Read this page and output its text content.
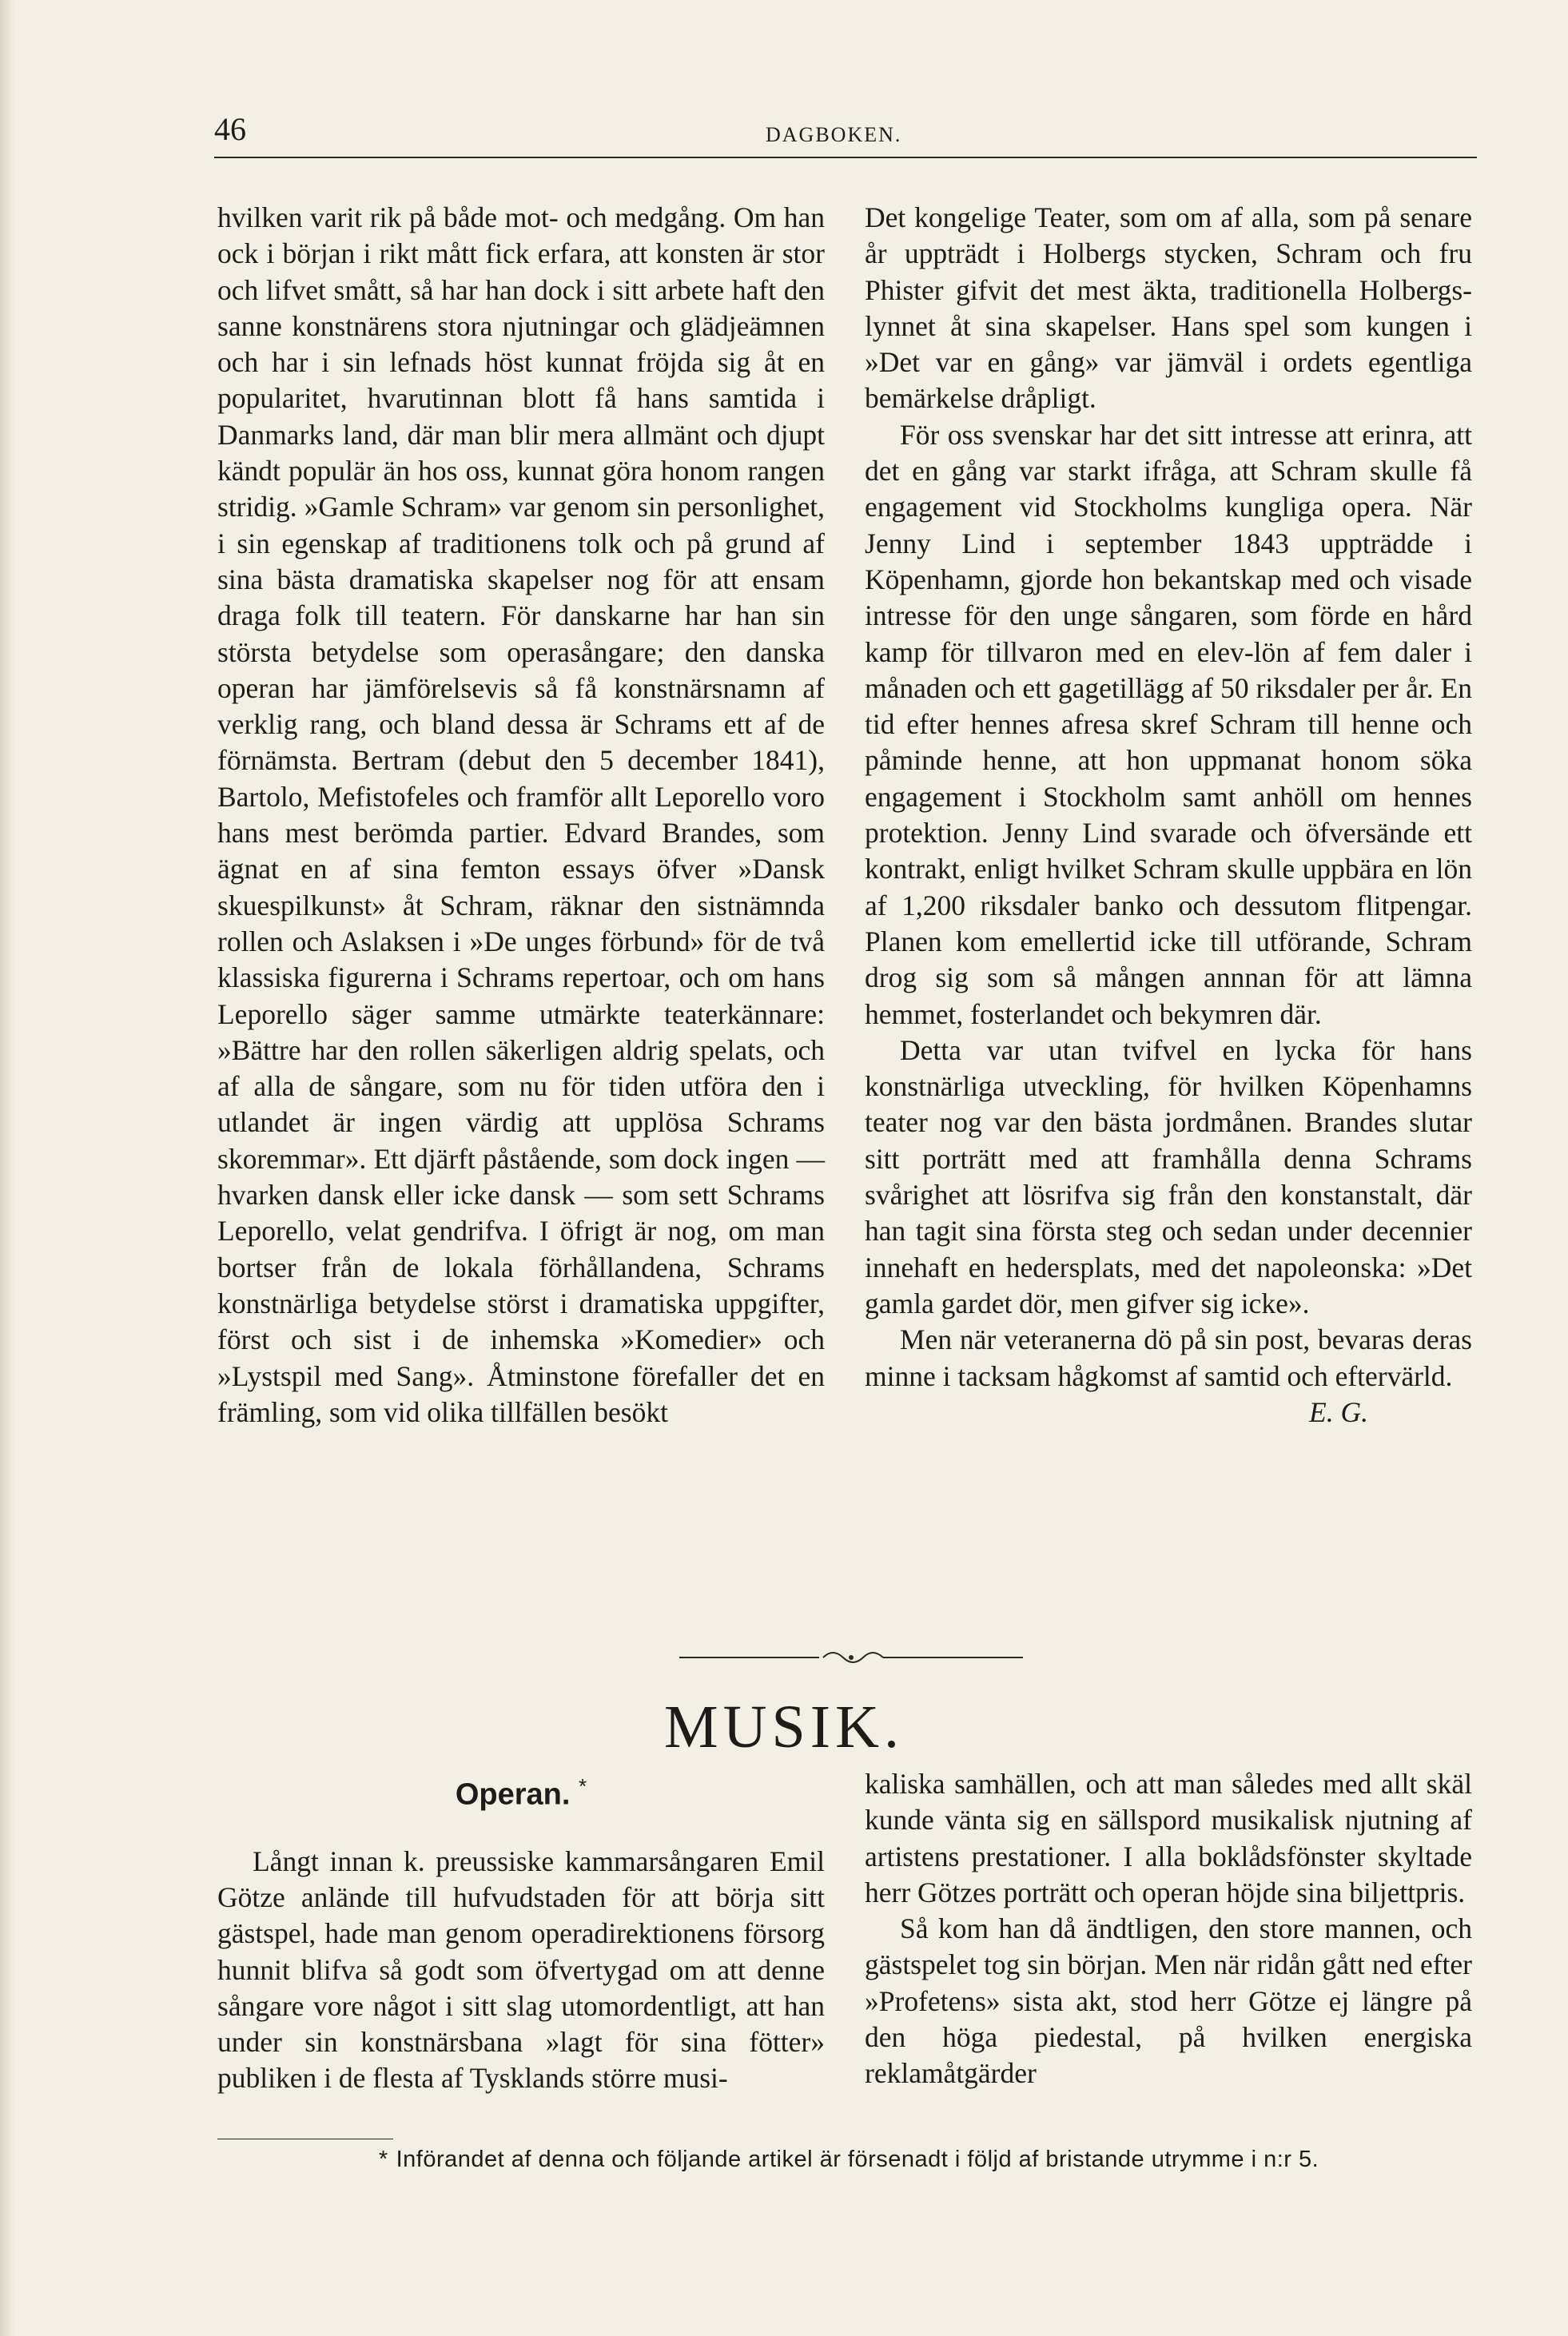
46	DAGBOKEN.

hvilken varit rik på både mot- och medgång. Om han ock i början i rikt mått fick erfara, att konsten är stor och lifvet smått, så har han dock i sitt arbete haft den sanne konstnärens stora njutningar och glädjeämnen och har i sin lefnads höst kunnat fröjda sig åt en popularitet, hvarutinnan blott få hans samtida i Danmarks land, där man blir mera allmänt och djupt kändt populär än hos oss, kunnat göra honom rangen stridig. »Gamle Schram» var genom sin personlighet, i sin egenskap af traditionens tolk och på grund af sina bästa dramatiska skapelser nog för att ensam draga folk till teatern. För danskarne har han sin största betydelse som operasångare; den danska operan har jämförelsevis så få konstnärsnamn af verklig rang, och bland dessa är Schrams ett af de förnämsta. Bertram (debut den 5 december 1841), Bartolo, Mefistofeles och framför allt Leporello voro hans mest berömda partier. Edvard Brandes, som ägnat en af sina femton essays öfver »Dansk skuespilkunst» åt Schram, räknar den sistnämnda rollen och Aslaksen i »De unges förbund» för de två klassiska figurerna i Schrams repertoar, och om hans Leporello säger samme utmärkte teaterkännare: »Bättre har den rollen säkerligen aldrig spelats, och af alla de sångare, som nu för tiden utföra den i utlandet är ingen värdig att upplösa Schrams skoremmar». Ett djärft påstående, som dock ingen — hvarken dansk eller icke dansk — som sett Schrams Leporello, velat gendrifva. I öfrigt är nog, om man bortser från de lokala förhållandena, Schrams konstnärliga betydelse störst i dramatiska uppgifter, först och sist i de inhemska »Komedier» och »Lystspil med Sang». Åtminstone förefaller det en främling, som vid olika tillfällen besökt

Det kongelige Teater, som om af alla, som på senare år uppträdt i Holbergs stycken, Schram och fru Phister gifvit det mest äkta, traditionella Holbergs-lynnet åt sina skapelser. Hans spel som kungen i »Det var en gång» var jämväl i ordets egentliga bemärkelse dråpligt.

För oss svenskar har det sitt intresse att erinra, att det en gång var starkt ifråga, att Schram skulle få engagement vid Stockholms kungliga opera. När Jenny Lind i september 1843 uppträdde i Köpenhamn, gjorde hon bekantskap med och visade intresse för den unge sångaren, som förde en hård kamp för tillvaron med en elev-lön af fem daler i månaden och ett gagetillägg af 50 riksdaler per år. En tid efter hennes afresa skref Schram till henne och påminde henne, att hon uppmanat honom söka engagement i Stockholm samt anhöll om hennes protektion. Jenny Lind svarade och öfversände ett kontrakt, enligt hvilket Schram skulle uppbära en lön af 1,200 riksdaler banko och dessutom flitpengar. Planen kom emellertid icke till utförande, Schram drog sig som så mången annnan för att lämna hemmet, fosterlandet och bekymren där.

Detta var utan tvifvel en lycka för hans konstnärliga utveckling, för hvilken Köpenhamns teater nog var den bästa jordmånen. Brandes slutar sitt porträtt med att framhålla denna Schrams svårighet att lösrifva sig från den konstanstalt, där han tagit sina första steg och sedan under decennier innehaft en hedersplats, med det napoleonska: »Det gamla gardet dör, men gifver sig icke».

Men när veteranerna dö på sin post, bevaras deras minne i tacksam hågkomst af samtid och eftervärld.

E. G.

MUSIK.
Operan. *

Långt innan k. preussiske kammarsångaren Emil Götze anlände till hufvudstaden för att börja sitt gästspel, hade man genom operadirektionens försorg hunnit blifva så godt som öfvertygad om att denne sångare vore något i sitt slag utomordentligt, att han under sin konstnärsbana »lagt för sina fötter» publiken i de flesta af Tysklands större musi-

kaliska samhällen, och att man således med allt skäl kunde vänta sig en sällspord musikalisk njutning af artistens prestationer. I alla boklådsfönster skyltade herr Götzes porträtt och operan höjde sina biljettpris.

Så kom han då ändtligen, den store mannen, och gästspelet tog sin början. Men när ridån gått ned efter »Profetens» sista akt, stod herr Götze ej längre på den höga piedestal, på hvilken energiska reklamåtgärder

* Införandet af denna och följande artikel är försenadt i följd af bristande utrymme i n:r 5.
